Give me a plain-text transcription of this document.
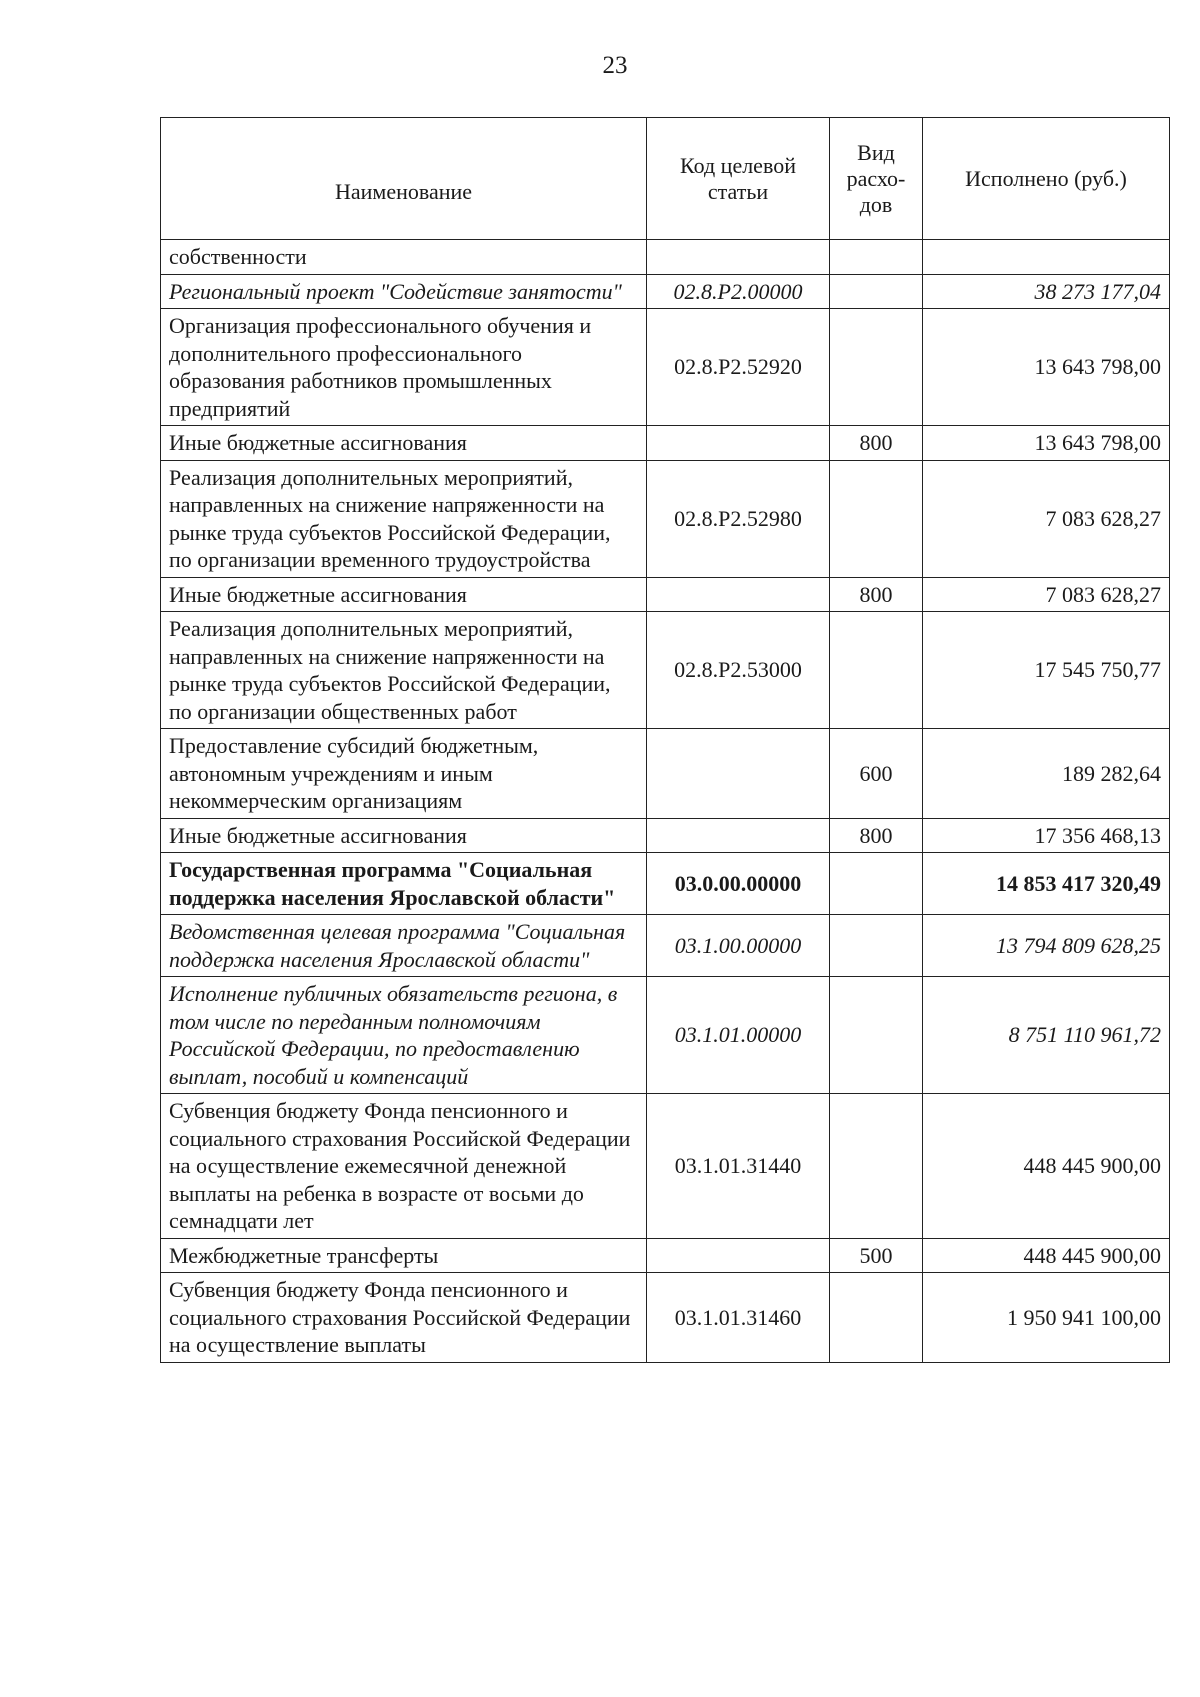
23
Наименование	Код целевой статьи	Вид расхо-дов	Исполнено (руб.)
собственности			
Региональный проект "Содействие занятости"	02.8.Р2.00000		38 273 177,04
Организация профессионального обучения и дополнительного профессионального образования работников промышленных предприятий	02.8.Р2.52920		13 643 798,00
Иные бюджетные ассигнования		800	13 643 798,00
Реализация дополнительных мероприятий, направленных на снижение напряженности на рынке труда субъектов Российской Федерации, по организации временного трудоустройства	02.8.Р2.52980		7 083 628,27
Иные бюджетные ассигнования		800	7 083 628,27
Реализация дополнительных мероприятий, направленных на снижение напряженности на рынке труда субъектов Российской Федерации, по организации общественных работ	02.8.Р2.53000		17 545 750,77
Предоставление субсидий бюджетным, автономным учреждениям и иным некоммерческим организациям		600	189 282,64
Иные бюджетные ассигнования		800	17 356 468,13
Государственная программа "Социальная поддержка населения Ярославской области"	03.0.00.00000		14 853 417 320,49
Ведомственная целевая программа "Социальная поддержка населения Ярославской области"	03.1.00.00000		13 794 809 628,25
Исполнение публичных обязательств региона, в том числе по переданным полномочиям Российской Федерации, по предоставлению выплат, пособий и компенсаций	03.1.01.00000		8 751 110 961,72
Субвенция бюджету Фонда пенсионного и социального страхования Российской Федерации на осуществление ежемесячной денежной выплаты на ребенка в возрасте от восьми до семнадцати лет	03.1.01.31440		448 445 900,00
Межбюджетные трансферты		500	448 445 900,00
Субвенция бюджету Фонда пенсионного и социального страхования Российской Федерации на осуществление выплаты	03.1.01.31460		1 950 941 100,00
